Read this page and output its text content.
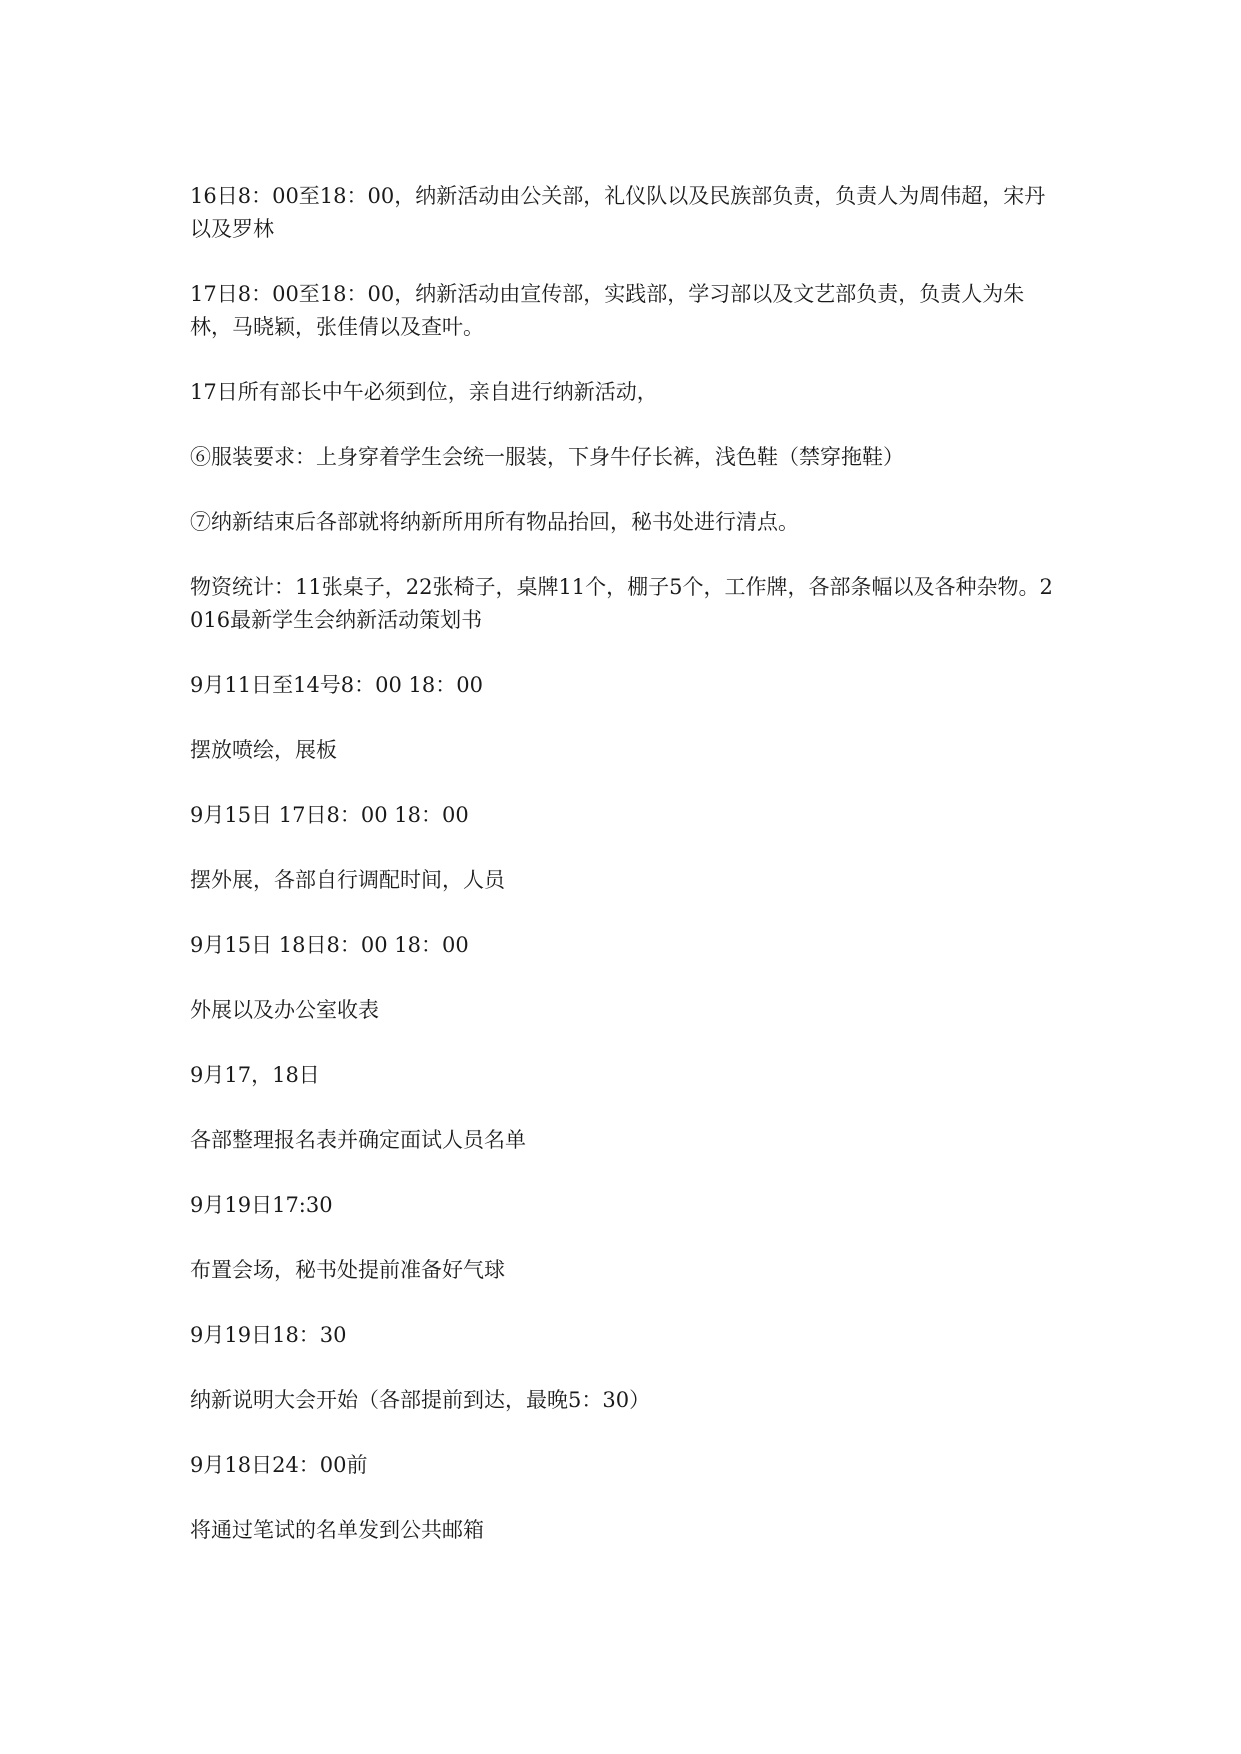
16日8：00至18：00，纳新活动由公关部，礼仪队以及民族部负责，负责人为周伟超，宋丹以及罗林

17日8：00至18：00，纳新活动由宣传部，实践部，学习部以及文艺部负责，负责人为朱林，马晓颖，张佳倩以及查叶。

17日所有部长中午必须到位，亲自进行纳新活动，

⑥服装要求：上身穿着学生会统一服装，下身牛仔长裤，浅色鞋（禁穿拖鞋）

⑦纳新结束后各部就将纳新所用所有物品抬回，秘书处进行清点。

物资统计：11张桌子，22张椅子，桌牌11个，棚子5个，工作牌，各部条幅以及各种杂物。2016最新学生会纳新活动策划书

9月11日至14号8：00 18：00

摆放喷绘，展板

9月15日 17日8：00 18：00

摆外展，各部自行调配时间，人员

9月15日 18日8：00 18：00

外展以及办公室收表

9月17，18日

各部整理报名表并确定面试人员名单

9月19日17:30

布置会场，秘书处提前准备好气球

9月19日18：30

纳新说明大会开始（各部提前到达，最晚5：30）

9月18日24：00前

将通过笔试的名单发到公共邮箱
